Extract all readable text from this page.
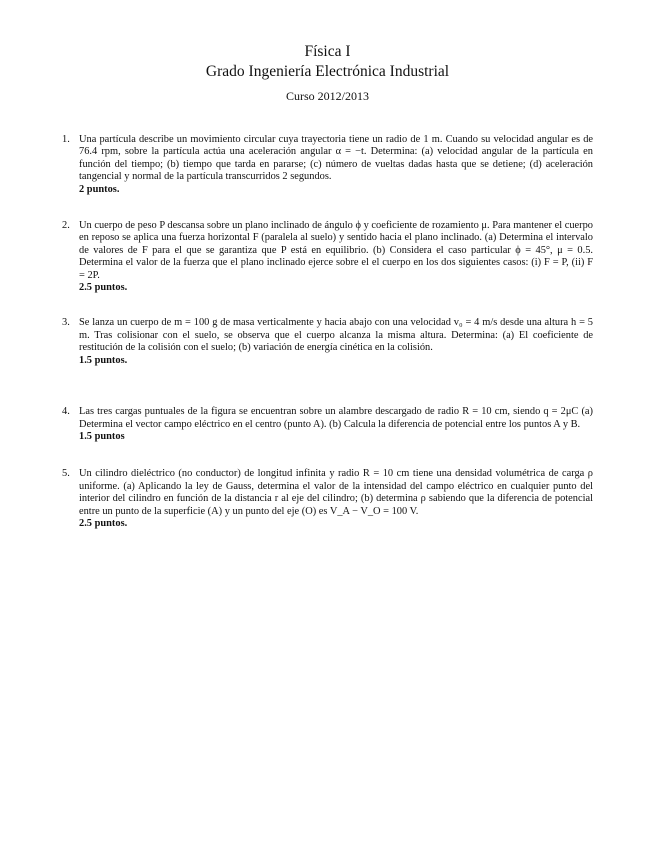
Física I
Grado Ingeniería Electrónica Industrial
Curso 2012/2013
1. Una partícula describe un movimiento circular cuya trayectoria tiene un radio de 1 m. Cuando su velocidad angular es de 76.4 rpm, sobre la partícula actúa una aceleración angular α = −t. Determina: (a) velocidad angular de la partícula en función del tiempo; (b) tiempo que tarda en pararse; (c) número de vueltas dadas hasta que se detiene; (d) aceleración tangencial y normal de la partícula transcurridos 2 segundos.
2 puntos.
2. Un cuerpo de peso P descansa sobre un plano inclinado de ángulo ϕ y coeficiente de rozamiento μ. Para mantener el cuerpo en reposo se aplica una fuerza horizontal F (paralela al suelo) y sentido hacia el plano inclinado. (a) Determina el intervalo de valores de F para el que se garantiza que P está en equilibrio. (b) Considera el caso particular ϕ = 45°, μ = 0.5. Determina el valor de la fuerza que el plano inclinado ejerce sobre el el cuerpo en los dos siguientes casos: (i) F = P, (ii) F = 2P.
2.5 puntos.
3. Se lanza un cuerpo de m = 100 g de masa verticalmente y hacia abajo con una velocidad v₀ = 4 m/s desde una altura h = 5 m. Tras colisionar con el suelo, se observa que el cuerpo alcanza la misma altura. Determina: (a) El coeficiente de restitución de la colisión con el suelo; (b) variación de energía cinética en la colisión.
1.5 puntos.
4. Las tres cargas puntuales de la figura se encuentran sobre un alambre descargado de radio R = 10 cm, siendo q = 2μC (a) Determina el vector campo eléctrico en el centro (punto A). (b) Calcula la diferencia de potencial entre los puntos A y B.
1.5 puntos
5. Un cilindro dieléctrico (no conductor) de longitud infinita y radio R = 10 cm tiene una densidad volumétrica de carga ρ uniforme. (a) Aplicando la ley de Gauss, determina el valor de la intensidad del campo eléctrico en cualquier punto del interior del cilindro en función de la distancia r al eje del cilindro; (b) determina ρ sabiendo que la diferencia de potencial entre un punto de la superficie (A) y un punto del eje (O) es V_A − V_O = 100 V.
2.5 puntos.
